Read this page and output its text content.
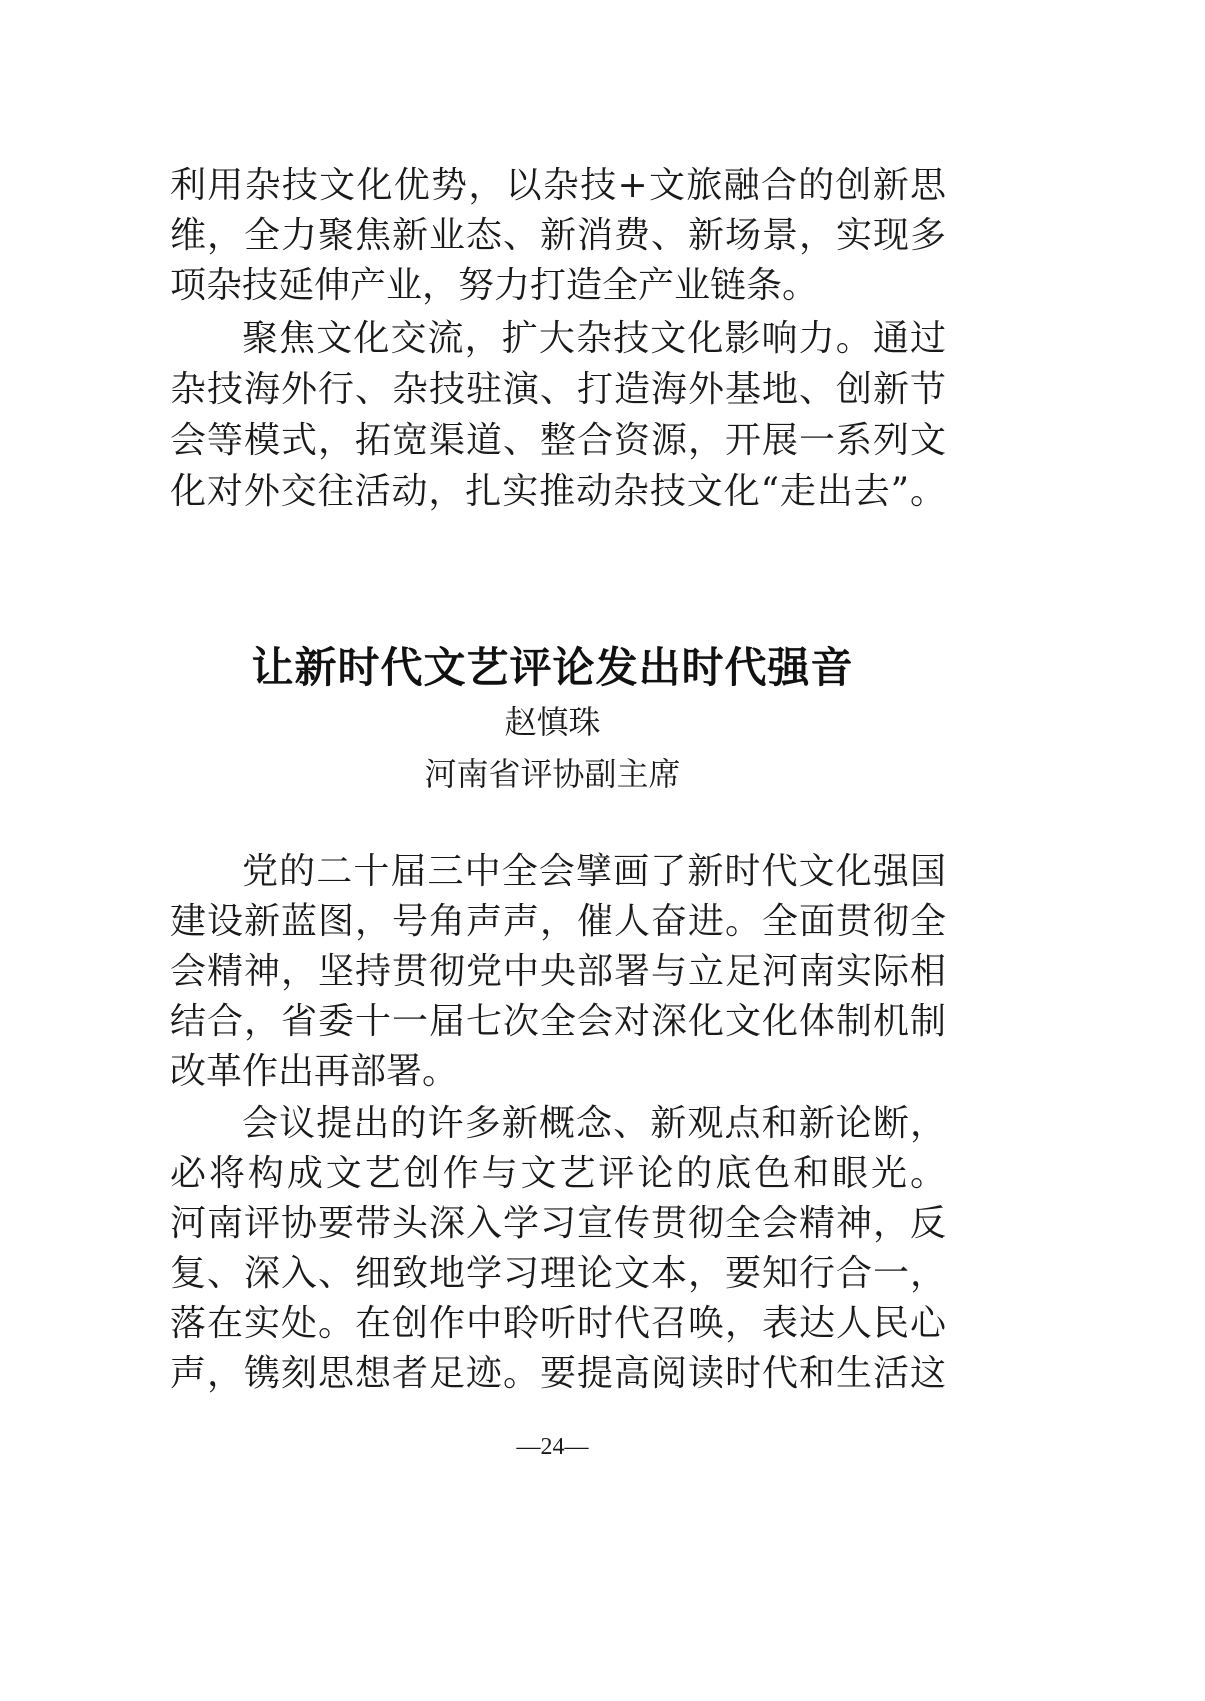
利用杂技文化优势，以杂技+文旅融合的创新思
维，全力聚焦新业态、新消费、新场景，实现多
项杂技延伸产业，努力打造全产业链条。
聚焦文化交流，扩大杂技文化影响力。通过
杂技海外行、杂技驻演、打造海外基地、创新节
会等模式，拓宽渠道、整合资源，开展一系列文
化对外交往活动，扎实推动杂技文化“走出去”。
让新时代文艺评论发出时代强音
赵慎珠
河南省评协副主席
党的二十届三中全会擘画了新时代文化强国
建设新蓝图，号角声声，催人奋进。全面贯彻全
会精神，坚持贯彻党中央部署与立足河南实际相
结合，省委十一届七次全会对深化文化体制机制
改革作出再部署。
会议提出的许多新概念、新观点和新论断，
必将构成文艺创作与文艺评论的底色和眼光。
河南评协要带头深入学习宣传贯彻全会精神，反
复、深入、细致地学习理论文本，要知行合一，
落在实处。在创作中聆听时代召唤，表达人民心
声，镌刻思想者足迹。要提高阅读时代和生活这
—24—
